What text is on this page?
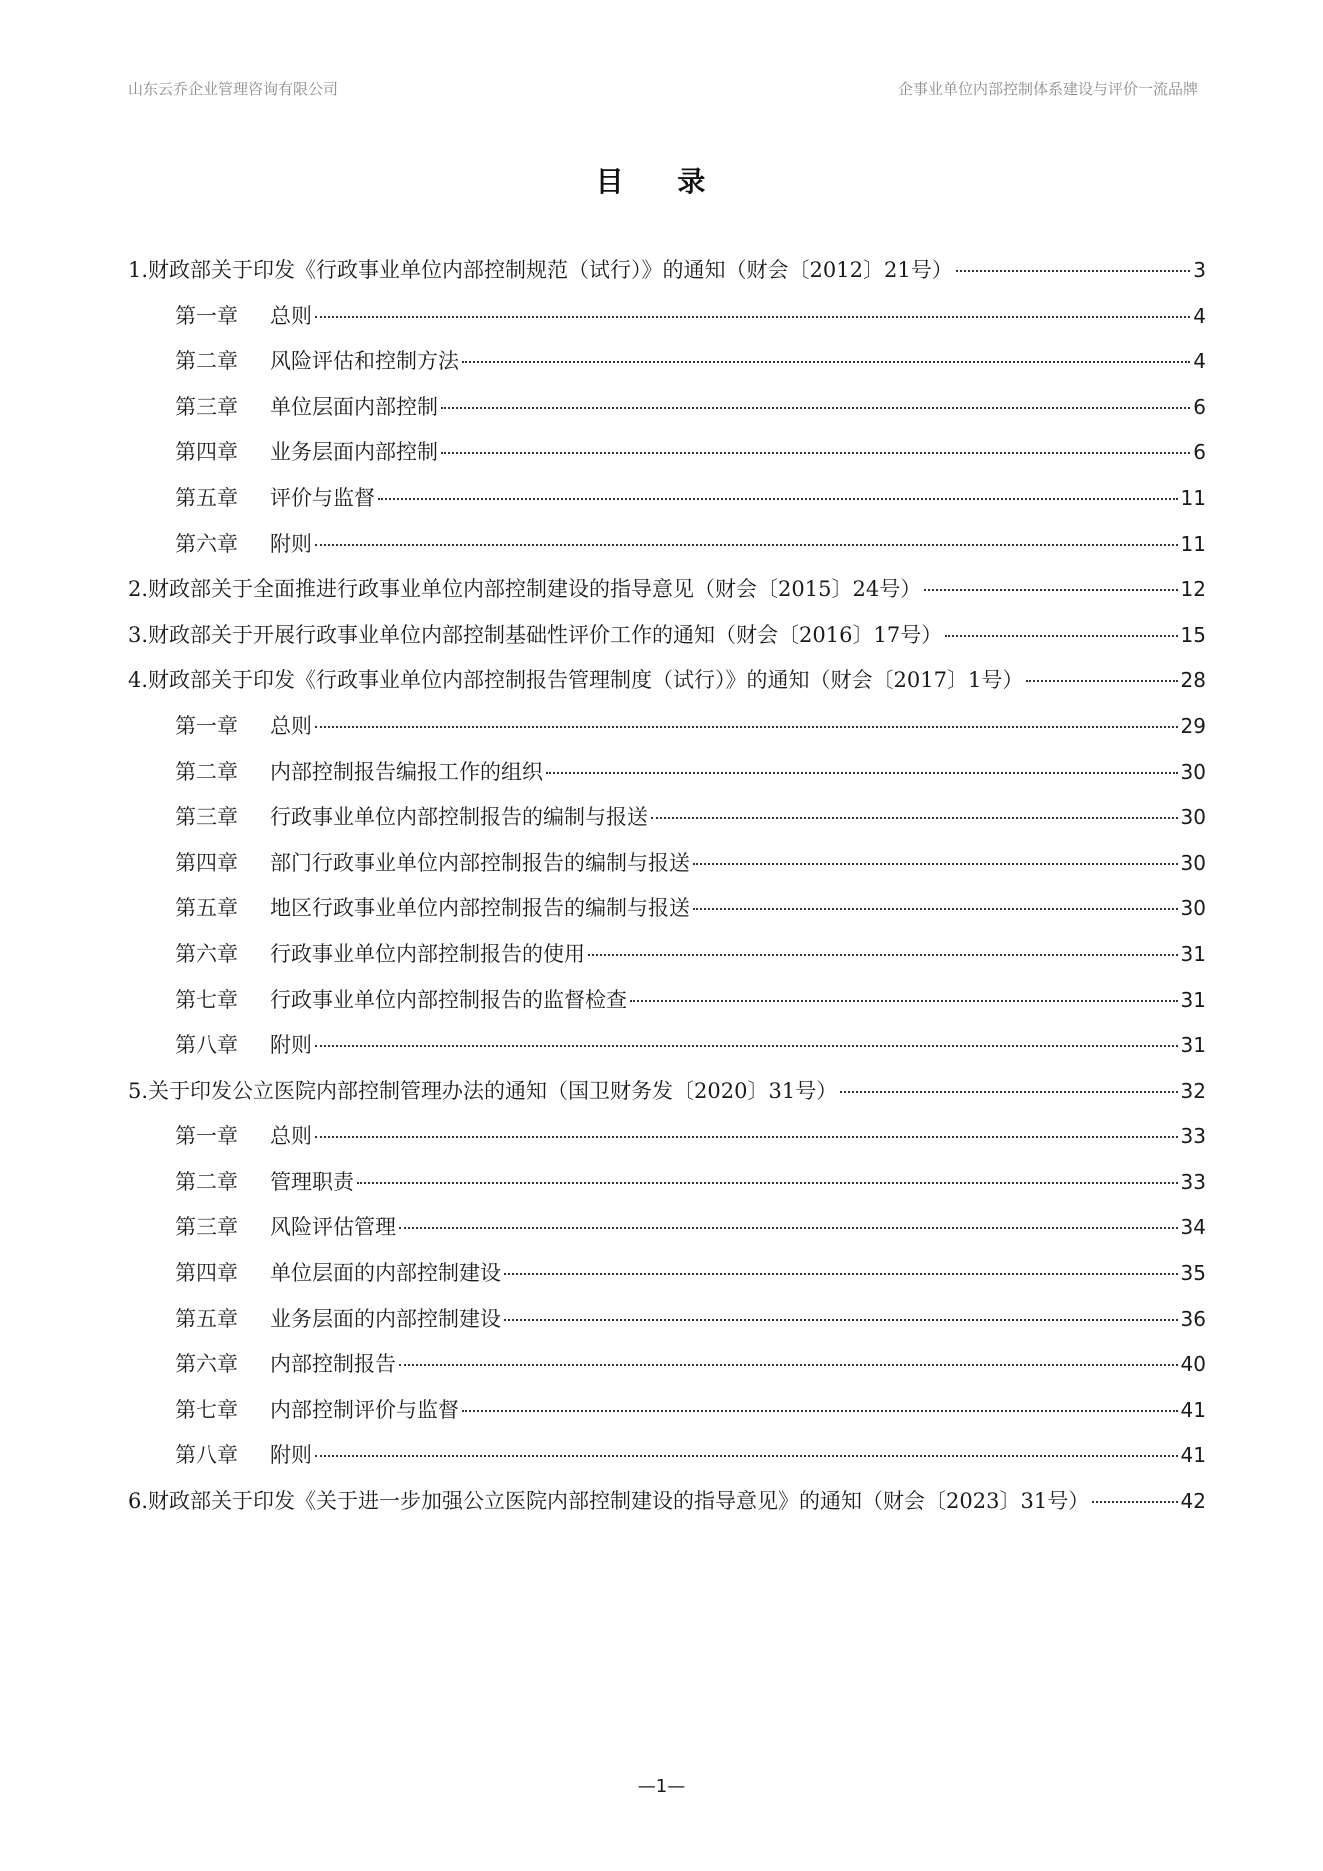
山东云乔企业管理咨询有限公司	企事业单位内部控制体系建设与评价一流品牌
目 录
1.财政部关于印发《行政事业单位内部控制规范（试行）》的通知（财会〔2012〕21号）	3
第一章 总则	4
第二章 风险评估和控制方法	4
第三章 单位层面内部控制	6
第四章 业务层面内部控制	6
第五章 评价与监督	11
第六章 附则	11
2.财政部关于全面推进行政事业单位内部控制建设的指导意见（财会〔2015〕24号）	12
3.财政部关于开展行政事业单位内部控制基础性评价工作的通知（财会〔2016〕17号）	15
4.财政部关于印发《行政事业单位内部控制报告管理制度（试行）》的通知（财会〔2017〕1号）	28
第一章 总则	29
第二章 内部控制报告编报工作的组织	30
第三章 行政事业单位内部控制报告的编制与报送	30
第四章 部门行政事业单位内部控制报告的编制与报送	30
第五章 地区行政事业单位内部控制报告的编制与报送	30
第六章 行政事业单位内部控制报告的使用	31
第七章 行政事业单位内部控制报告的监督检查	31
第八章 附则	31
5.关于印发公立医院内部控制管理办法的通知（国卫财务发〔2020〕31号）	32
第一章 总则	33
第二章 管理职责	33
第三章 风险评估管理	34
第四章 单位层面的内部控制建设	35
第五章 业务层面的内部控制建设	36
第六章 内部控制报告	40
第七章 内部控制评价与监督	41
第八章 附则	41
6.财政部关于印发《关于进一步加强公立医院内部控制建设的指导意见》的通知（财会〔2023〕31号）	42
—1—
